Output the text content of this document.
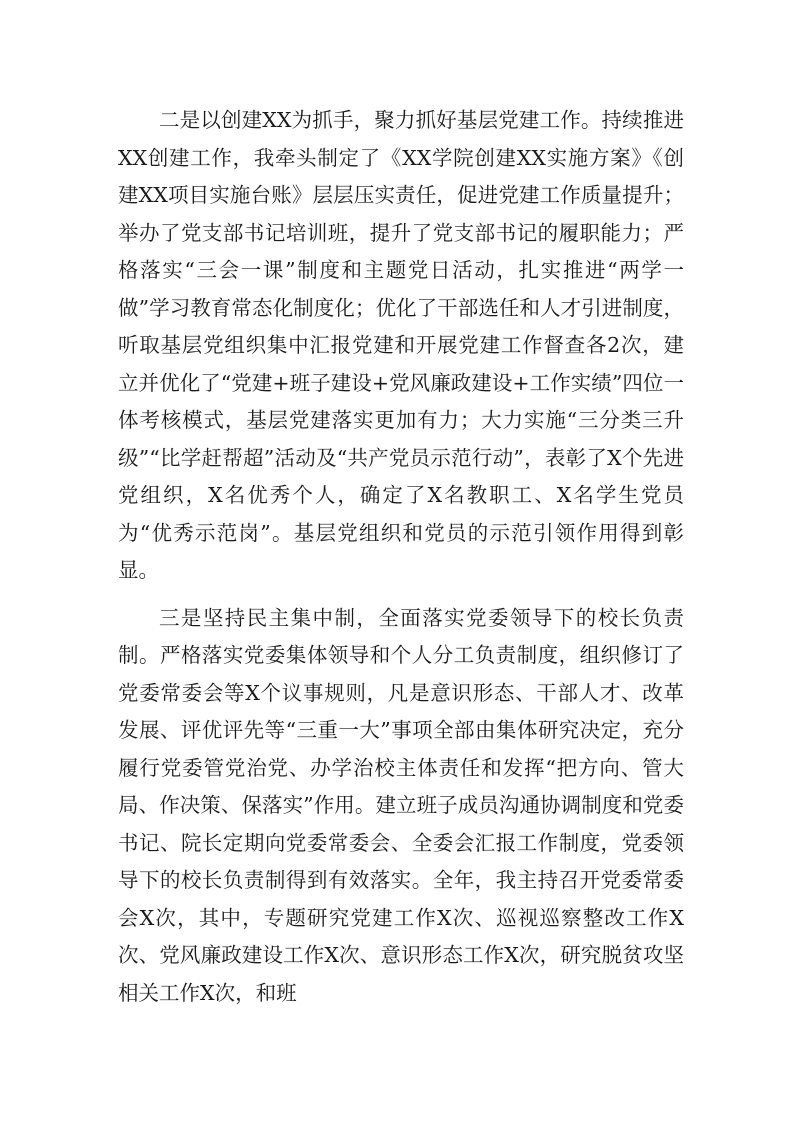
二是以创建XX为抓手，聚力抓好基层党建工作。持续推进XX创建工作，我牵头制定了《XX学院创建XX实施方案》《创建XX项目实施台账》层层压实责任，促进党建工作质量提升；举办了党支部书记培训班，提升了党支部书记的履职能力；严格落实“三会一课”制度和主题党日活动，扎实推进“两学一做”学习教育常态化制度化；优化了干部选任和人才引进制度，听取基层党组织集中汇报党建和开展党建工作督查各2次，建立并优化了“党建+班子建设+党风廉政建设+工作实绩”四位一体考核模式，基层党建落实更加有力；大力实施“三分类三升级”“比学赶帮超”活动及“共产党员示范行动”，表彰了X个先进党组织，X名优秀个人，确定了X名教职工、X名学生党员为“优秀示范岗”。基层党组织和党员的示范引领作用得到彰显。

三是坚持民主集中制，全面落实党委领导下的校长负责制。严格落实党委集体领导和个人分工负责制度，组织修订了党委常委会等X个议事规则，凡是意识形态、干部人才、改革发展、评优评先等“三重一大”事项全部由集体研究决定，充分履行党委管党治党、办学治校主体责任和发挥“把方向、管大局、作决策、保落实”作用。建立班子成员沟通协调制度和党委书记、院长定期向党委常委会、全委会汇报工作制度，党委领导下的校长负责制得到有效落实。全年，我主持召开党委常委会X次，其中，专题研究党建工作X次、巡视巡察整改工作X次、党风廉政建设工作X次、意识形态工作X次，研究脱贫攻坚相关工作X次，和班
